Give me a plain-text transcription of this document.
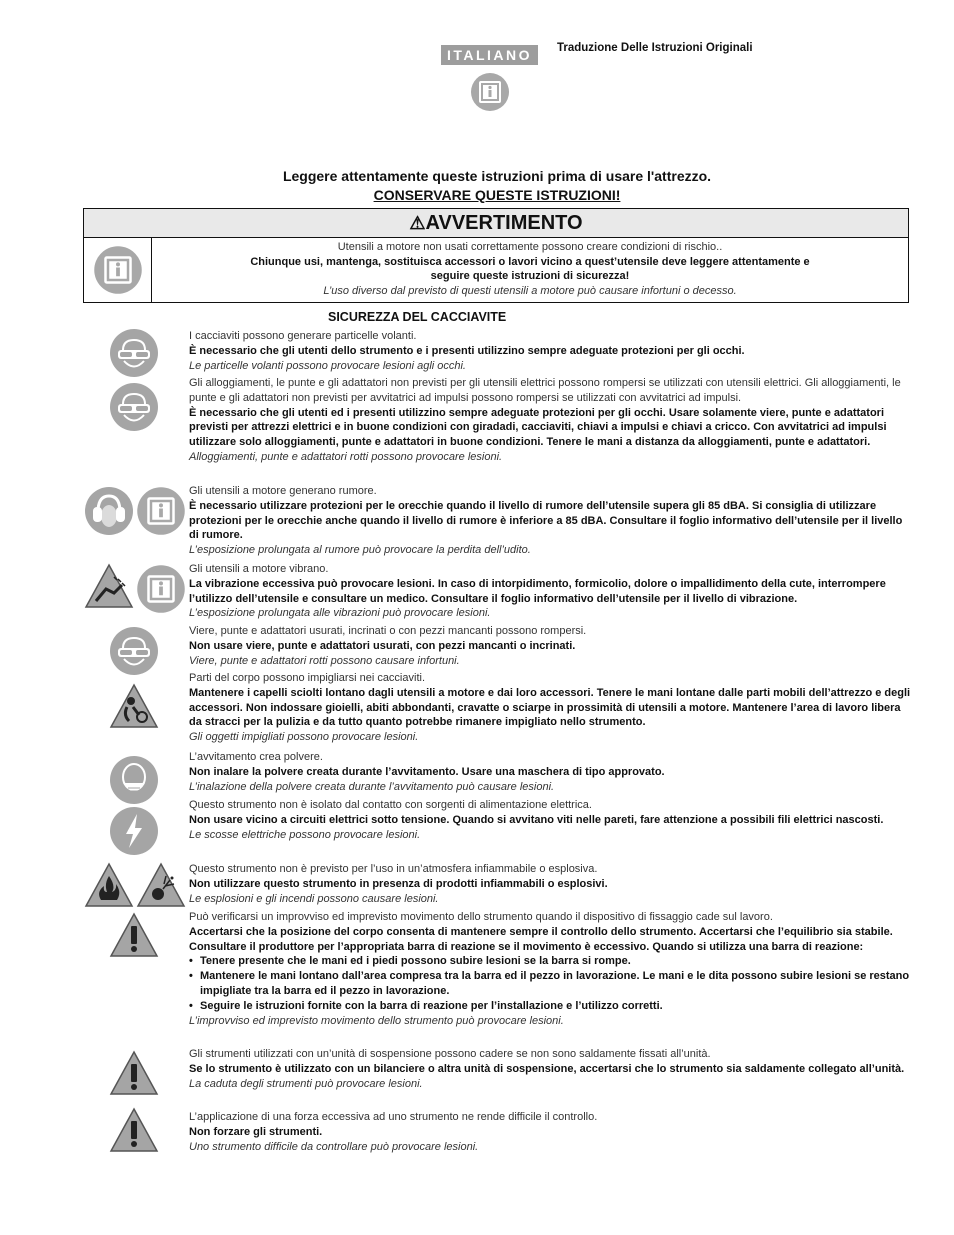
ITALIANO	Traduzione Delle Istruzioni Originali
Leggere attentamente queste istruzioni prima di usare l'attrezzo.
CONSERVARE QUESTE ISTRUZIONI!
⚠AVVERTIMENTO
Utensili a motore non usati correttamente possono creare condizioni di rischio..
Chiunque usi, mantenga, sostituisca accessori o lavori vicino a quest’utensile deve leggere attentamente e seguire queste istruzioni di sicurezza!
L’uso diverso dal previsto di questi utensili a motore può causare infortuni o decesso.
SICUREZZA DEL CACCIAVITE
I cacciaviti possono generare particelle volanti.
È necessario che gli utenti dello strumento e i presenti utilizzino sempre adeguate protezioni per gli occhi.
Le particelle volanti possono provocare lesioni agli occhi.
Gli alloggiamenti, le punte e gli adattatori non previsti per gli utensili elettrici possono rompersi se utilizzati con utensili elettrici. Gli alloggiamenti, le punte e gli adattatori non previsti per avvitatrici ad impulsi possono rompersi se utilizzati con avvitatrici ad impulsi.
È necessario che gli utenti ed i presenti utilizzino sempre adeguate protezioni per gli occhi. Usare solamente viere, punte e adattatori previsti per attrezzi elettrici e in buone condizioni con giradadi, cacciaviti, chiavi a impulsi e chiavi a cricco. Con avvitatrici ad impulsi utilizzare solo alloggiamenti, punte e adattatori in buone condizioni. Tenere le mani a distanza da alloggiamenti, punte e adattatori.
Alloggiamenti, punte e adattatori rotti possono provocare lesioni.
Gli utensili a motore generano rumore.
È necessario utilizzare protezioni per le orecchie quando il livello di rumore dell’utensile supera gli 85 dBA. Si consiglia di utilizzare protezioni per le orecchie anche quando il livello di rumore è inferiore a 85 dBA. Consultare il foglio informativo dell’utensile per il livello di rumore.
L’esposizione prolungata al rumore può provocare la perdita dell’udito.
Gli utensili a motore vibrano.
La vibrazione eccessiva può provocare lesioni. In caso di intorpidimento, formicolio, dolore o impallidimento della cute, interrompere l’utilizzo dell’utensile e consultare un medico. Consultare il foglio informativo dell’utensile per il livello di vibrazione.
L’esposizione prolungata alle vibrazioni può provocare lesioni.
Viere, punte e adattatori usurati, incrinati o con pezzi mancanti possono rompersi.
Non usare viere, punte e adattatori usurati, con pezzi mancanti o incrinati.
Viere, punte e adattatori rotti possono causare infortuni.
Parti del corpo possono impigliarsi nei cacciaviti.
Mantenere i capelli sciolti lontano dagli utensili a motore e dai loro accessori. Tenere le mani lontane dalle parti mobili dell’attrezzo e degli accessori. Non indossare gioielli, abiti abbondanti, cravatte o sciarpe in prossimità di utensili a motore. Mantenere l’area di lavoro libera da stracci per la pulizia e da tutto quanto potrebbe rimanere impigliato nello strumento.
Gli oggetti impigliati possono provocare lesioni.
L’avvitamento crea polvere.
Non inalare la polvere creata durante l’avvitamento. Usare una maschera di tipo approvato.
L’inalazione della polvere creata durante l’avvitamento può causare lesioni.
Questo strumento non è isolato dal contatto con sorgenti di alimentazione elettrica.
Non usare vicino a circuiti elettrici sotto tensione. Quando si avvitano viti nelle pareti, fare attenzione a possibili fili elettrici nascosti.
Le scosse elettriche possono provocare lesioni.
Questo strumento non è previsto per l’uso in un’atmosfera infiammabile o esplosiva.
Non utilizzare questo strumento in presenza di prodotti infiammabili o esplosivi.
Le esplosioni e gli incendi possono causare lesioni.
Può verificarsi un improvviso ed imprevisto movimento dello strumento quando il dispositivo di fissaggio cade sul lavoro.
Accertarsi che la posizione del corpo consenta di mantenere sempre il controllo dello strumento. Accertarsi che l’equilibrio sia stabile. Consultare il produttore per l’appropriata barra di reazione se il movimento è eccessivo. Quando si utilizza una barra di reazione:
• Tenere presente che le mani ed i piedi possono subire lesioni se la barra si rompe.
• Mantenere le mani lontano dall’area compresa tra la barra ed il pezzo in lavorazione. Le mani e le dita possono subire lesioni se restano impigliate tra la barra ed il pezzo in lavorazione.
• Seguire le istruzioni fornite con la barra di reazione per l’installazione e l’utilizzo corretti.
L’improvviso ed imprevisto movimento dello strumento può provocare lesioni.
Gli strumenti utilizzati con un’unità di sospensione possono cadere se non sono saldamente fissati all’unità.
Se lo strumento è utilizzato con un bilanciere o altra unità di sospensione, accertarsi che lo strumento sia saldamente collegato all’unità.
La caduta degli strumenti può provocare lesioni.
L’applicazione di una forza eccessiva ad uno strumento ne rende difficile il controllo.
Non forzare gli strumenti.
Uno strumento difficile da controllare può provocare lesioni.
